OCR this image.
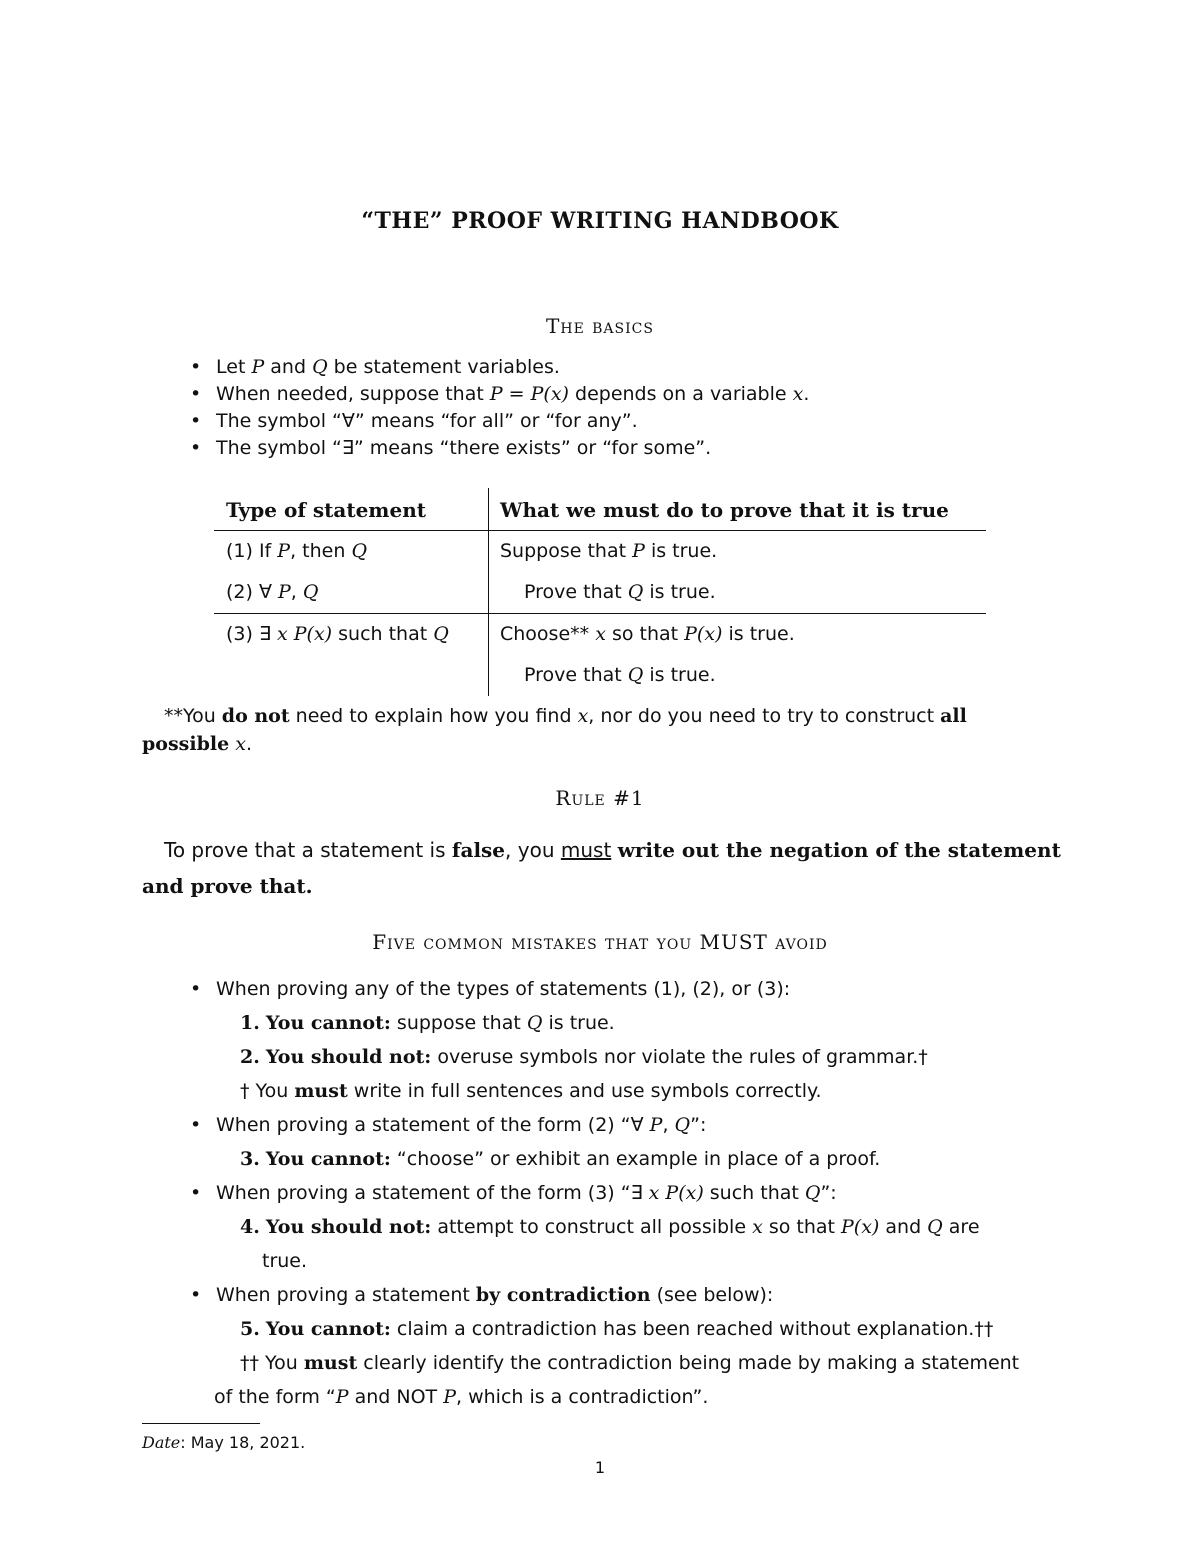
“THE” PROOF WRITING HANDBOOK
The basics
• Let P and Q be statement variables.
• When needed, suppose that P = P(x) depends on a variable x.
• The symbol “∀” means “for all” or “for any”.
• The symbol “∃” means “there exists” or “for some”.
Type of statement	What we must do to prove that it is true
(1) If P, then Q
(2) ∀ P, Q
Suppose that P is true.
Prove that Q is true.
(3) ∃ x P(x) such that Q	Choose** x so that P(x) is true.
Prove that Q is true.
**You do not need to explain how you find x, nor do you need to try to construct all
possible x.
Rule #1
To prove that a statement is false, you must write out the negation of the statement
and prove that.
Five common mistakes that you MUST avoid
• When proving any of the types of statements (1), (2), or (3):
1. You cannot: suppose that Q is true.
2. You should not: overuse symbols nor violate the rules of grammar.†
† You must write in full sentences and use symbols correctly.
• When proving a statement of the form (2) “∀ P, Q”:
3. You cannot: “choose” or exhibit an example in place of a proof.
• When proving a statement of the form (3) “∃ x P(x) such that Q”:
4. You should not: attempt to construct all possible x so that P(x) and Q are
true.
• When proving a statement by contradiction (see below):
5. You cannot: claim a contradiction has been reached without explanation.††
†† You must clearly identify the contradiction being made by making a statement
of the form “P and NOT P, which is a contradiction”.
Date: May 18, 2021.
1
